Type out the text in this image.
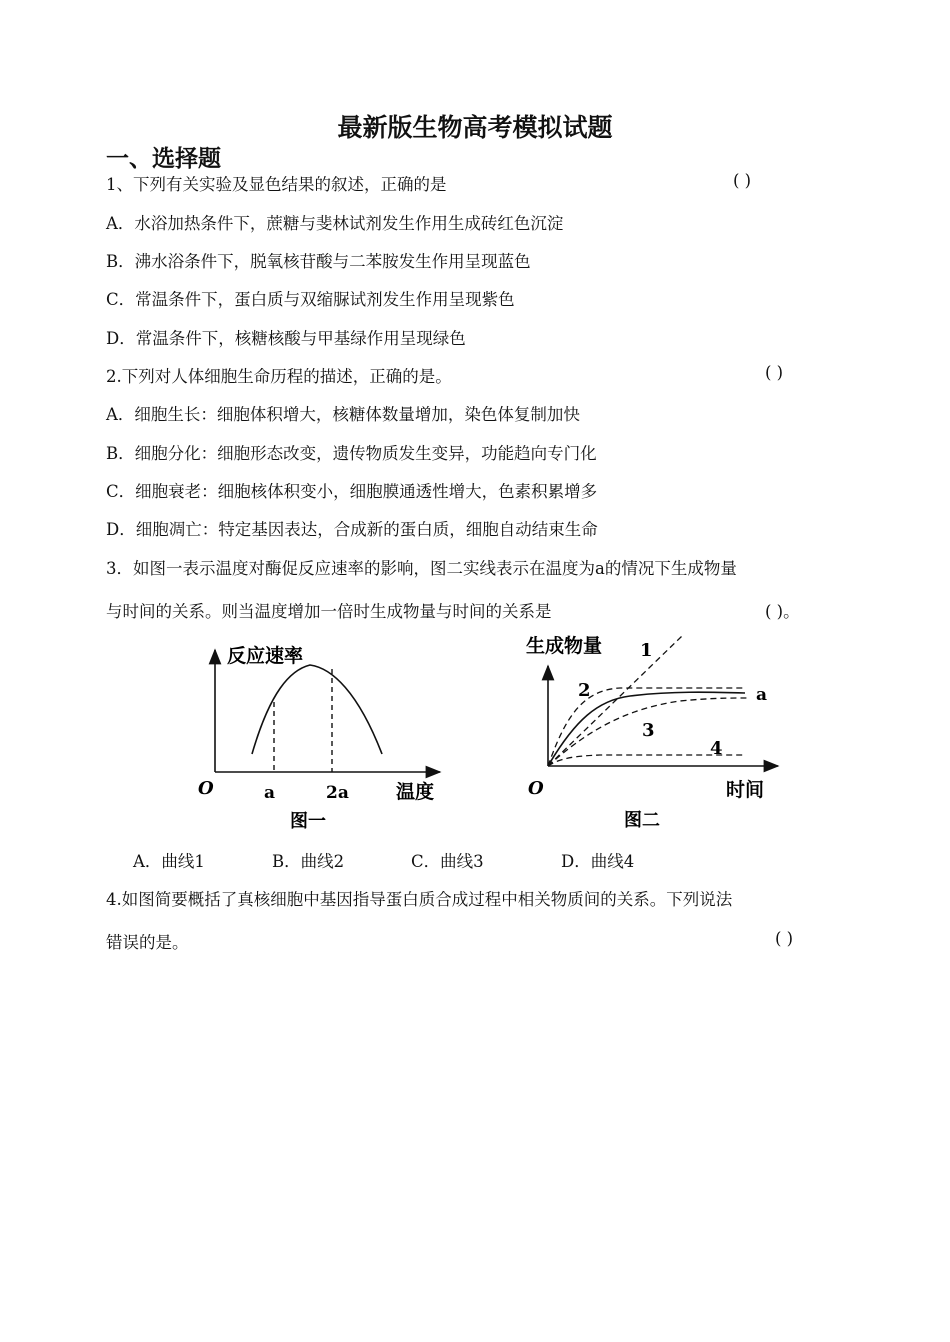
最新版生物高考模拟试题
一、选择题
1、下列有关实验及显色结果的叙述，正确的是	( )
A．水浴加热条件下，蔗糖与斐林试剂发生作用生成砖红色沉淀
B．沸水浴条件下，脱氧核苷酸与二苯胺发生作用呈现蓝色
C．常温条件下，蛋白质与双缩脲试剂发生作用呈现紫色
D．常温条件下，核糖核酸与甲基绿作用呈现绿色
2.下列对人体细胞生命历程的描述，正确的是。	( )
A．细胞生长：细胞体积增大，核糖体数量增加，染色体复制加快
B．细胞分化：细胞形态改变，遗传物质发生变异，功能趋向专门化
C．细胞衰老：细胞核体积变小，细胞膜通透性增大，色素积累增多
D．细胞凋亡：特定基因表达，合成新的蛋白质，细胞自动结束生命
3．如图一表示温度对酶促反应速率的影响，图二实线表示在温度为a的情况下生成物量
与时间的关系。则当温度增加一倍时生成物量与时间的关系是	( )。
反应速率
O	a	2a 温度
图一
生成物量 1
2
3
4
a
O	时间
图二
A．曲线1	B．曲线2	C．曲线3	D．曲线4
4.如图简要概括了真核细胞中基因指导蛋白质合成过程中相关物质间的关系。下列说法
错误的是。	( )
